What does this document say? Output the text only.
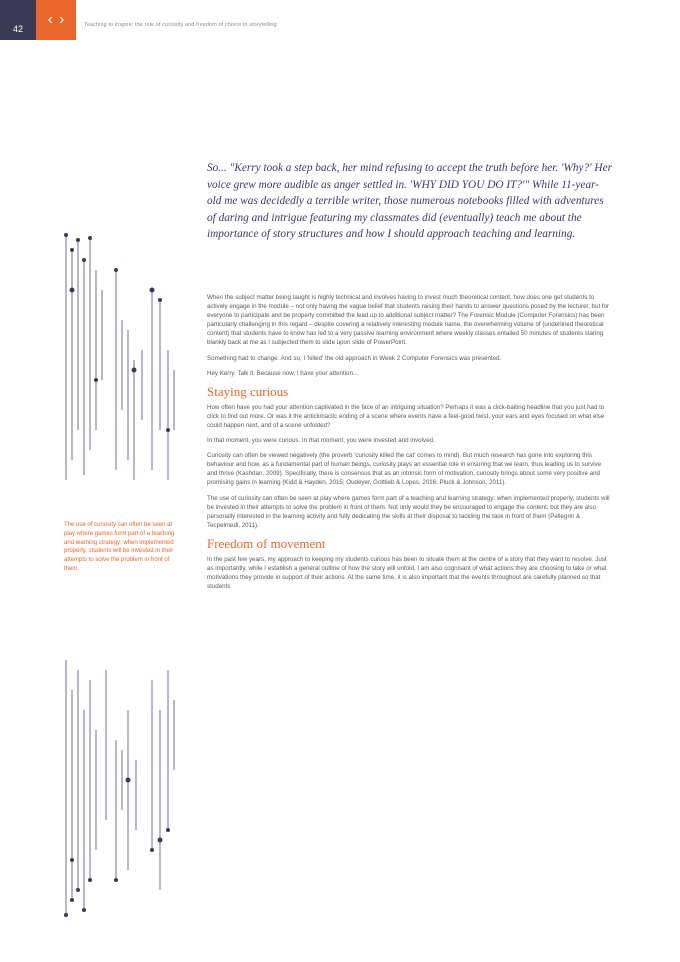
42
‹ ›	Teaching to inspire: the role of curiosity and freedom of choice in storytelling
So... "Kerry took a step back, her mind refusing to accept the truth before her. 'Why?' Her voice grew more audible as anger settled in. 'WHY DID YOU DO IT?'" While 11-year-old me was decidedly a terrible writer, those numerous notebooks filled with adventures of daring and intrigue featuring my classmates did (eventually) teach me about the importance of story structures and how I should approach teaching and learning.
The use of curiosity can often be seen at play where games form part of a teaching and learning strategy: when implemented properly, students will be invested in their attempts to solve the problem in front of them.

When the subject matter being taught is highly technical and involves having to invest much theoretical content, how does one get students to actively engage in the module – not only having the vague belief that students raising their hands to answer questions posed by the lecturer, but for everyone to participate and be properly committed the lead up to additional subject matter? The Forensic Module (Computer Forensics) has been particularly challenging in this regard – despite covering a relatively interesting module name, the overwhelming volume of (underlined theoretical content) that students have to know has led to a very passive learning environment where weekly classes entailed 50 minutes of students staring blankly back at me as I subjected them to slide upon slide of PowerPoint.

Something had to change. And so, I 'killed' the old approach in Week 2 Computer Forensics was presented.

Hey Kerry. Talk it. Because now, I have your attention...

Staying curious

How often have you had your attention captivated in the face of an intriguing situation? Perhaps it was a click-baiting headline that you just had to click to find out more. Or was it the anticlimactic ending of a scene where events have a feel-good twist, your ears and eyes focused on what else could happen next, and of a scene unfolded?

In that moment, you were curious. In that moment, you were invested and involved.

Curiosity can often be viewed negatively (the proverb 'curiosity killed the cat' comes to mind). But much research has gone into exploring this behaviour and how, as a fundamental part of human beings, curiosity plays an essential role in ensuring that we learn, thus leading us to survive and thrive (Kashdan, 2009). Specifically, there is consensus that as an intrinsic form of motivation, curiosity brings about some very positive and promising gains in learning (Kidd & Hayden, 2015; Oudeyer, Gottlieb & Lopes, 2016; Pluck & Johnson, 2011).

The use of curiosity can often be seen at play where games form part of a teaching and learning strategy: when implemented properly, students will be invested in their attempts to solve the problem in front of them. Not only would they be encouraged to engage the content, but they are also personally interested in the learning activity and fully dedicating the skills at their disposal to tackling the task in front of them (Pellegrin & Tecpelmedi, 2011).

Freedom of movement

In the past few years, my approach to keeping my students curious has been to situate them at the centre of a story that they want to resolve. Just as importantly, while I establish a general outline of how the story will unfold, I am also cognisant of what actions they are choosing to take or what motivations they provide in support of their actions. At the same time, it is also important that the events throughout are carefully planned so that students
